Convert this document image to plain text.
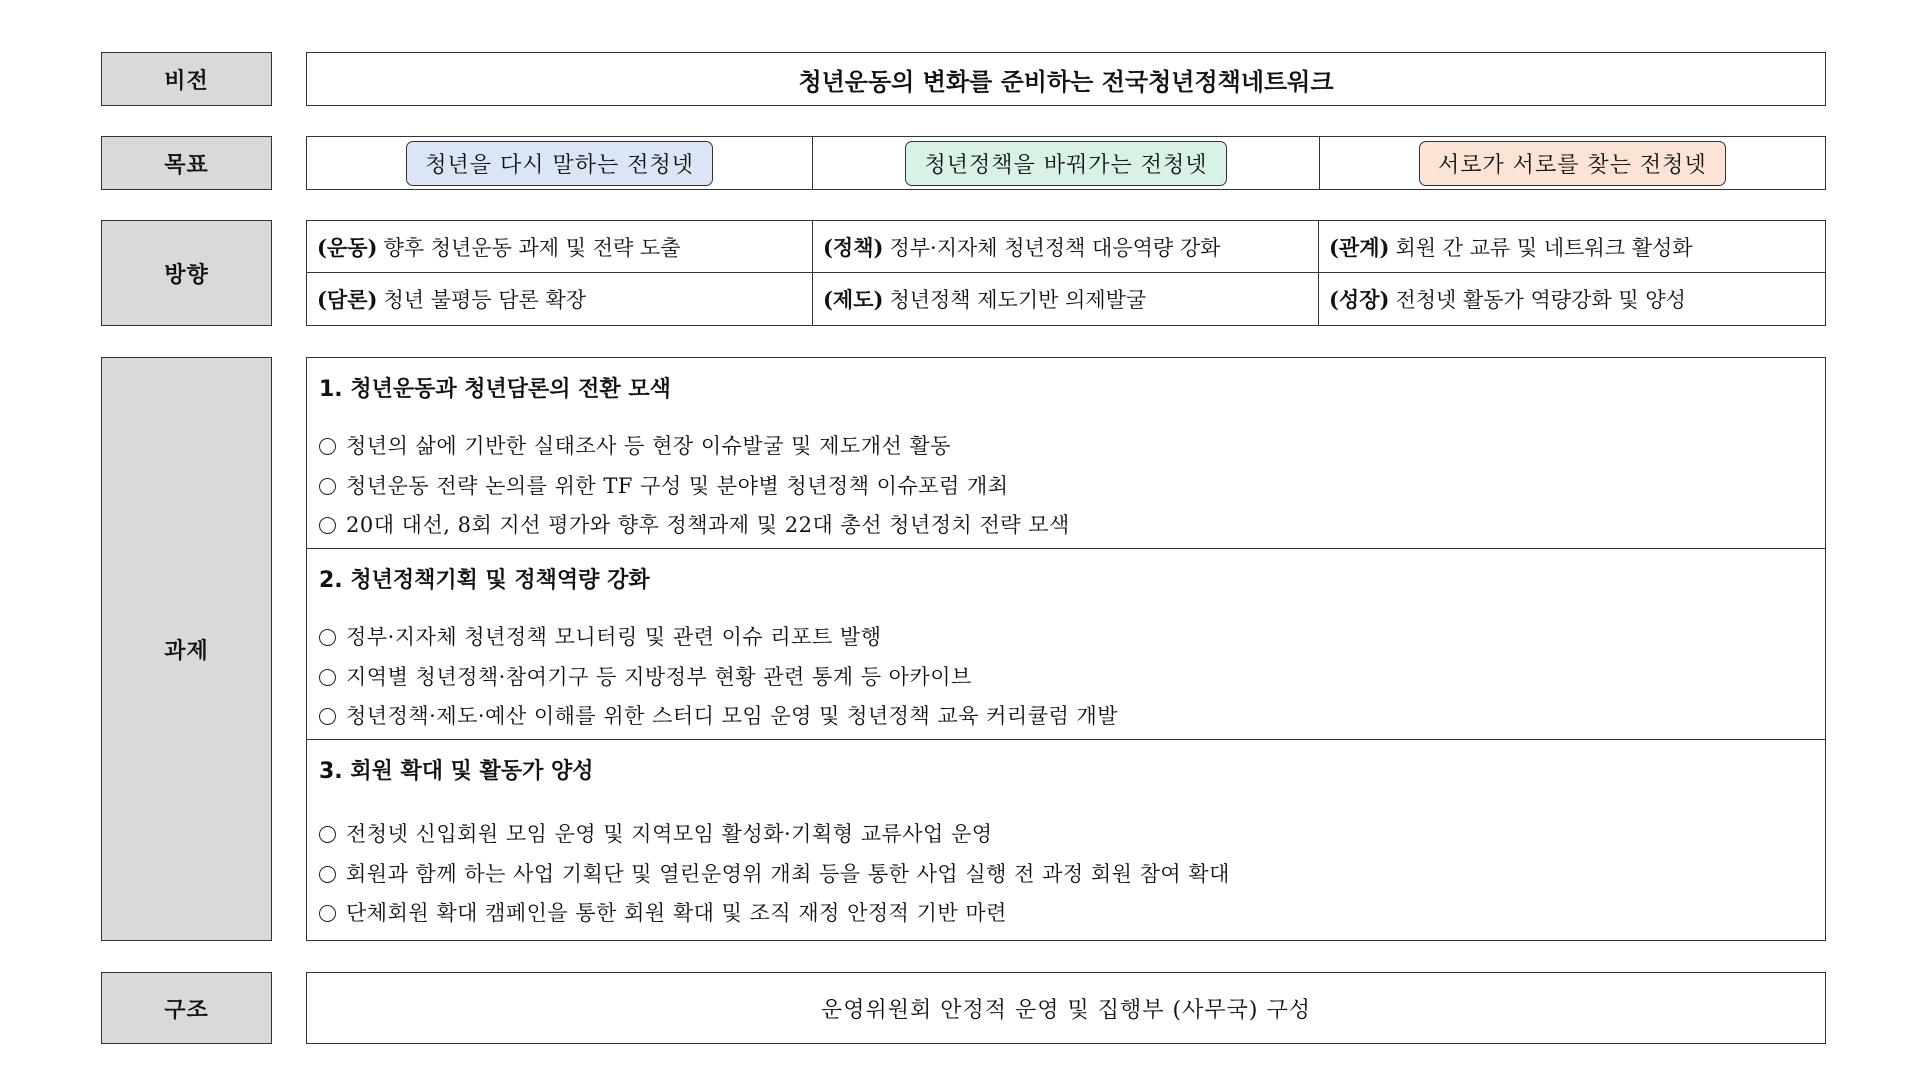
비전	청년운동의 변화를 준비하는 전국청년정책네트워크
목표	청년을 다시 말하는 전청넷	청년정책을 바꿔가는 전청넷	서로가 서로를 찾는 전청넷
방향
(운동) 향후 청년운동 과제 및 전략 도출	(정책) 정부·지자체 청년정책 대응역량 강화	(관계) 회원 간 교류 및 네트워크 활성화
(담론) 청년 불평등 담론 확장	(제도) 청년정책 제도기반 의제발굴	(성장) 전청넷 활동가 역량강화 및 양성
과제
1. 청년운동과 청년담론의 전환 모색
청년의 삶에 기반한 실태조사 등 현장 이슈발굴 및 제도개선 활동
청년운동 전략 논의를 위한 TF 구성 및 분야별 청년정책 이슈포럼 개최
20대 대선, 8회 지선 평가와 향후 정책과제 및 22대 총선 청년정치 전략 모색
2. 청년정책기획 및 정책역량 강화
정부·지자체 청년정책 모니터링 및 관련 이슈 리포트 발행
지역별 청년정책·참여기구 등 지방정부 현황 관련 통계 등 아카이브
청년정책·제도·예산 이해를 위한 스터디 모임 운영 및 청년정책 교육 커리큘럼 개발
3. 회원 확대 및 활동가 양성
전청넷 신입회원 모임 운영 및 지역모임 활성화·기획형 교류사업 운영
회원과 함께 하는 사업 기획단 및 열린운영위 개최 등을 통한 사업 실행 전 과정 회원 참여 확대
단체회원 확대 캠페인을 통한 회원 확대 및 조직 재정 안정적 기반 마련
구조	운영위원회 안정적 운영 및 집행부 (사무국) 구성
